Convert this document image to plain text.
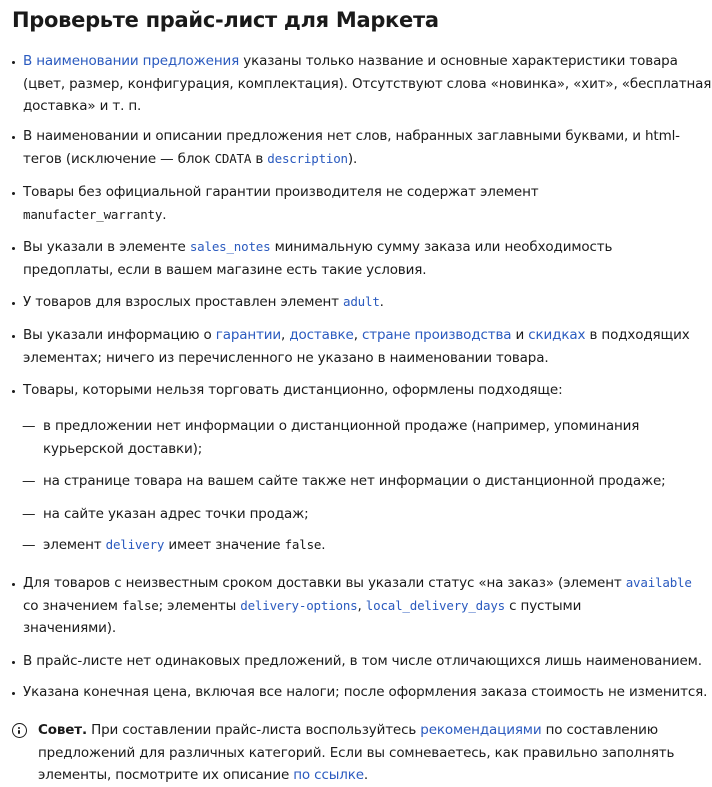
Проверьте прайс-лист для Маркета
В наименовании предложения указаны только название и основные характеристики товара
(цвет, размер, конфигурация, комплектация). Отсутствуют слова «новинка», «хит», «бесплатная
доставка» и т. п.
В наименовании и описании предложения нет слов, набранных заглавными буквами, и html-
тегов (исключение — блок CDATA в description).
Товары без официальной гарантии производителя не содержат элемент
manufacter_warranty.
Вы указали в элементе sales_notes минимальную сумму заказа или необходимость
предоплаты, если в вашем магазине есть такие условия.
У товаров для взрослых проставлен элемент adult.
Вы указали информацию о гарантии, доставке, стране производства и скидках в подходящих
элементах; ничего из перечисленного не указано в наименовании товара.
Товары, которыми нельзя торговать дистанционно, оформлены подходяще:
— в предложении нет информации о дистанционной продаже (например, упоминания
курьерской доставки);
— на странице товара на вашем сайте также нет информации о дистанционной продаже;
— на сайте указан адрес точки продаж;
— элемент delivery имеет значение false.
Для товаров с неизвестным сроком доставки вы указали статус «на заказ» (элемент available
со значением false; элементы delivery-options, local_delivery_days с пустыми
значениями).
В прайс-листе нет одинаковых предложений, в том числе отличающихся лишь наименованием.
Указана конечная цена, включая все налоги; после оформления заказа стоимость не изменится.
Совет. При составлении прайс-листа воспользуйтесь рекомендациями по составлению
предложений для различных категорий. Если вы сомневаетесь, как правильно заполнять
элементы, посмотрите их описание по ссылке.
